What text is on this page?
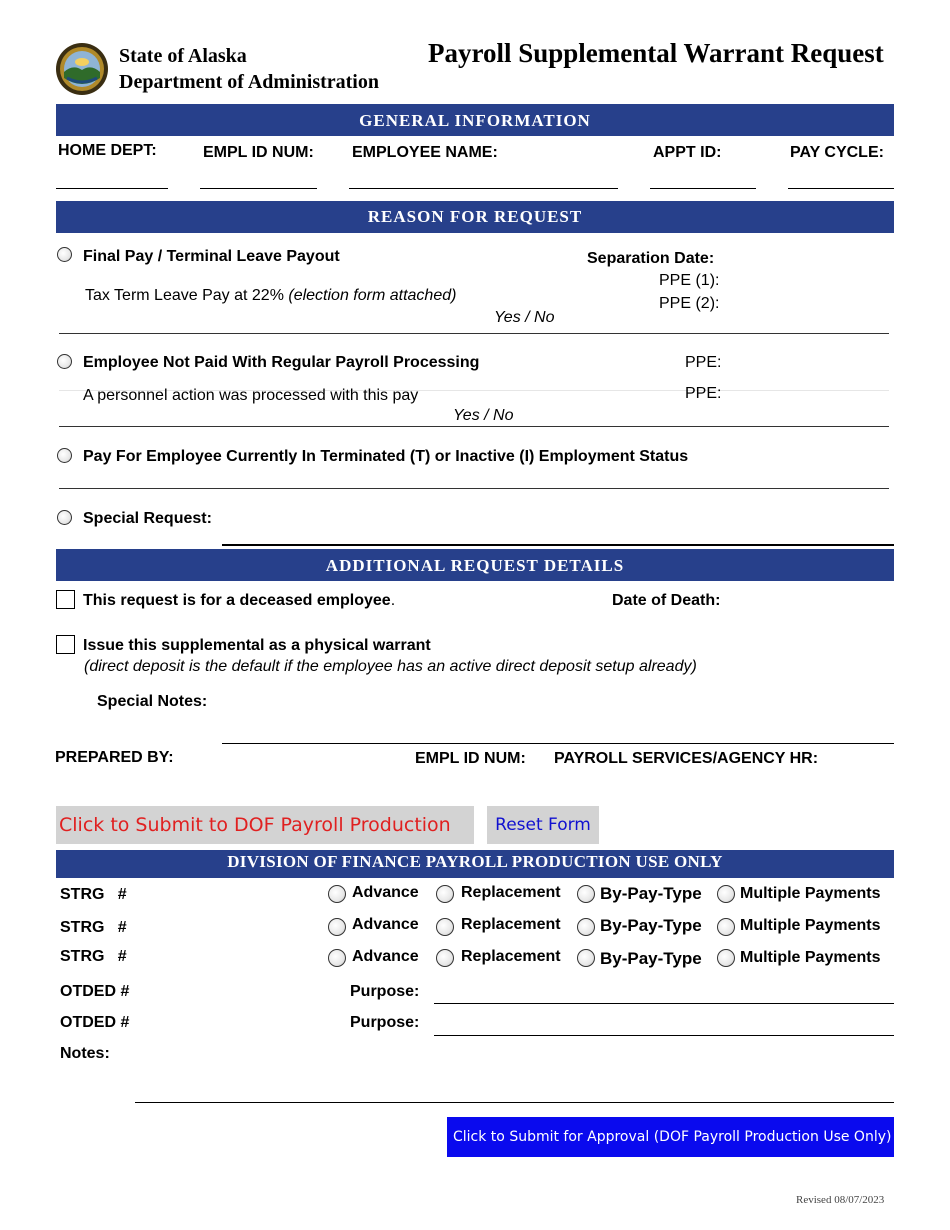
State of Alaska
Department of Administration
Payroll Supplemental Warrant Request
GENERAL INFORMATION
HOME DEPT:	EMPL ID NUM: EMPLOYEE NAME:	APPT ID:	PAY CYCLE:
REASON FOR REQUEST
Final Pay / Terminal Leave Payout	Separation Date:
PPE (1):
PPE (2):
Tax Term Leave Pay at 22% (election form attached)
Yes / No
Employee Not Paid With Regular Payroll Processing	PPE:
PPE:
A personnel action was processed with this pay
Yes / No
Pay For Employee Currently In Terminated (T) or Inactive (I) Employment Status
Special Request:
ADDITIONAL REQUEST DETAILS
This request is for a deceased employee.	Date of Death:
Issue this supplemental as a physical warrant
(direct deposit is the default if the employee has an active direct deposit setup already)
Special Notes:
PREPARED BY:	EMPL ID NUM: PAYROLL SERVICES/AGENCY HR:
Click to Submit to DOF Payroll Production	Reset Form
DIVISION OF FINANCE PAYROLL PRODUCTION USE ONLY
STRG   #	Advance	Replacement By-Pay-Type Multiple Payments
STRG   #	Advance	Replacement By-Pay-Type Multiple Payments
STRG   #	Advance	Replacement By-Pay-Type Multiple Payments
OTDED #	Purpose:
OTDED #	Purpose:
Notes:
Click to Submit for Approval (DOF Payroll Production Use Only)
Revised 08/07/2023
